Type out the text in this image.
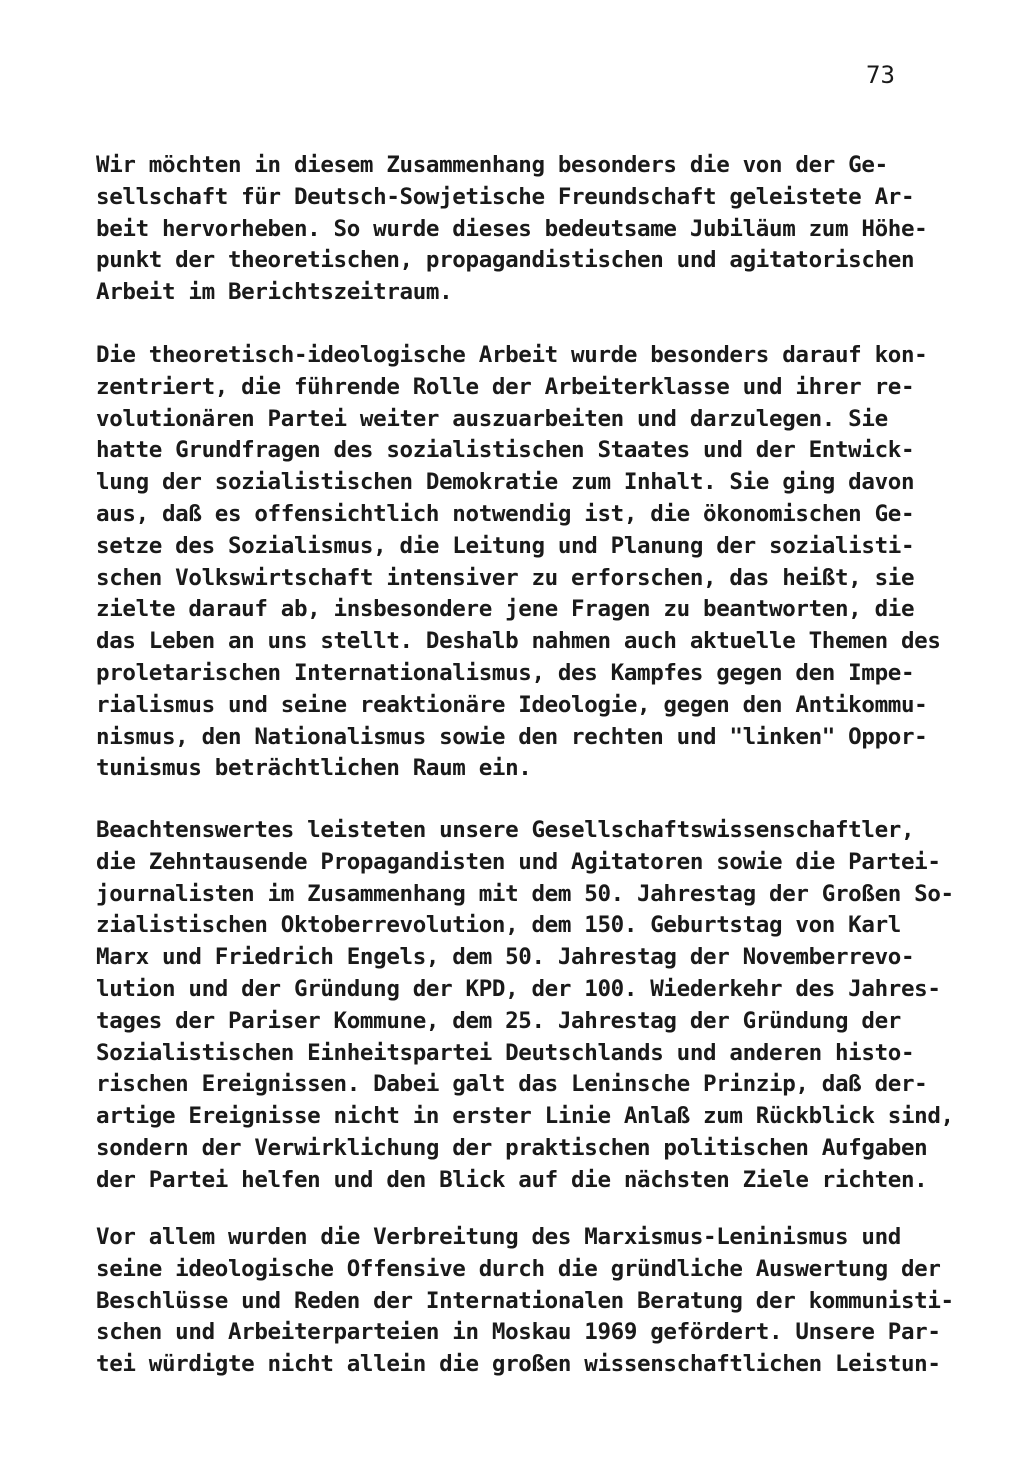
73

Wir möchten in diesem Zusammenhang besonders die von der Ge-
sellschaft für Deutsch-Sowjetische Freundschaft geleistete Ar-
beit hervorheben. So wurde dieses bedeutsame Jubiläum zum Höhe-
punkt der theoretischen, propagandistischen und agitatorischen
Arbeit im Berichtszeitraum.

Die theoretisch-ideologische Arbeit wurde besonders darauf kon-
zentriert, die führende Rolle der Arbeiterklasse und ihrer re-
volutionären Partei weiter auszuarbeiten und darzulegen. Sie
hatte Grundfragen des sozialistischen Staates und der Entwick-
lung der sozialistischen Demokratie zum Inhalt. Sie ging davon
aus, daß es offensichtlich notwendig ist, die ökonomischen Ge-
setze des Sozialismus, die Leitung und Planung der sozialisti-
schen Volkswirtschaft intensiver zu erforschen, das heißt, sie
zielte darauf ab, insbesondere jene Fragen zu beantworten, die
das Leben an uns stellt. Deshalb nahmen auch aktuelle Themen des
proletarischen Internationalismus, des Kampfes gegen den Impe-
rialismus und seine reaktionäre Ideologie, gegen den Antikommu-
nismus, den Nationalismus sowie den rechten und "linken" Oppor-
tunismus beträchtlichen Raum ein.

Beachtenswertes leisteten unsere Gesellschaftswissenschaftler,
die Zehntausende Propagandisten und Agitatoren sowie die Partei-
journalisten im Zusammenhang mit dem 50. Jahrestag der Großen So-
zialistischen Oktoberrevolution, dem 150. Geburtstag von Karl
Marx und Friedrich Engels, dem 50. Jahrestag der Novemberrevo-
lution und der Gründung der KPD, der 100. Wiederkehr des Jahres-
tages der Pariser Kommune, dem 25. Jahrestag der Gründung der
Sozialistischen Einheitspartei Deutschlands und anderen histo-
rischen Ereignissen. Dabei galt das Leninsche Prinzip, daß der-
artige Ereignisse nicht in erster Linie Anlaß zum Rückblick sind,
sondern der Verwirklichung der praktischen politischen Aufgaben
der Partei helfen und den Blick auf die nächsten Ziele richten.

Vor allem wurden die Verbreitung des Marxismus-Leninismus und
seine ideologische Offensive durch die gründliche Auswertung der
Beschlüsse und Reden der Internationalen Beratung der kommunisti-
schen und Arbeiterparteien in Moskau 1969 gefördert. Unsere Par-
tei würdigte nicht allein die großen wissenschaftlichen Leistun-
